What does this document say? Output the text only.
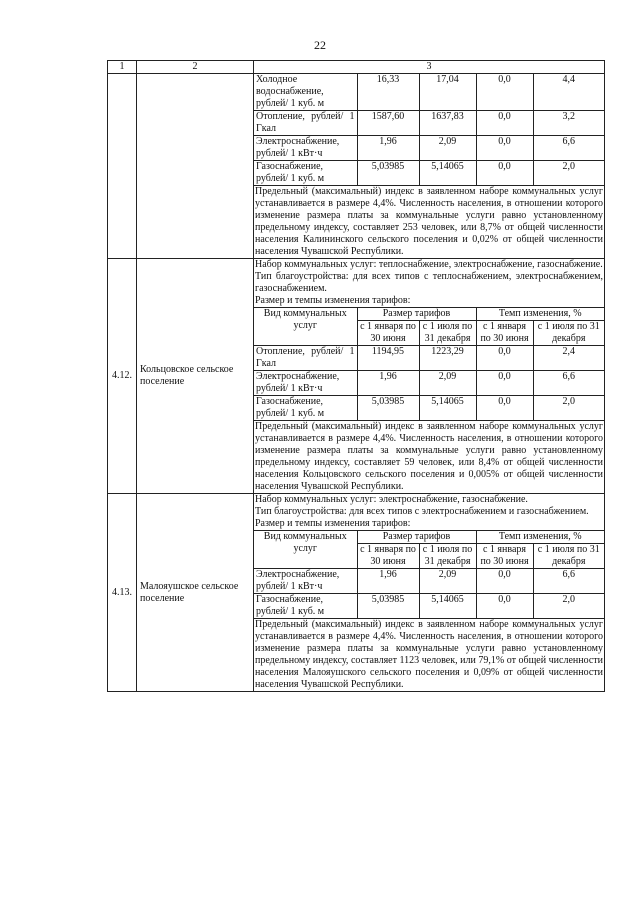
22
1	2	3

Холодное водоснабжение, рублей/ 1 куб. м	16,33	17,04	0,0	4,4
Отопление, рублей/ 1 Гкал	1587,60	1637,83	0,0	3,2
Электроснабжение, рублей/ 1 кВт·ч	1,96	2,09	0,0	6,6
Газоснабжение, рублей/ 1 куб. м	5,03985	5,14065	0,0	2,0
Предельный (максимальный) индекс в заявленном наборе коммунальных услуг устанавливается в размере 4,4%. Численность населения, в отношении которого изменение размера платы за коммунальные услуги равно установленному предельному индексу, составляет 253 человек, или 8,7% от общей численности населения Калининского сельского поселения и 0,02% от общей численности населения Чувашской Республики.

4.12.	Кольцовское сельское поселение	
Набор коммунальных услуг: теплоснабжение, электроснабжение, газоснабжение.
Тип благоустройства: для всех типов с теплоснабжением, электроснабжением, газоснабжением.
Размер и темпы изменения тарифов:
Вид коммунальных услуг	Размер тарифов	Темп изменения, %
с 1 января по 30 июня	с 1 июля по 31 декабря	с 1 января по 30 июня	с 1 июля по 31 декабря
Отопление, рублей/ 1 Гкал	1194,95	1223,29	0,0	2,4
Электроснабжение, рублей/ 1 кВт·ч	1,96	2,09	0,0	6,6
Газоснабжение, рублей/ 1 куб. м	5,03985	5,14065	0,0	2,0
Предельный (максимальный) индекс в заявленном наборе коммунальных услуг устанавливается в размере 4,4%. Численность населения, в отношении которого изменение размера платы за коммунальные услуги равно установленному предельному индексу, составляет 59 человек, или 8,4% от общей численности населения Кольцовского сельского поселения и 0,005% от общей численности населения Чувашской Республики.

4.13.	Малояушское сельское поселение	
Набор коммунальных услуг: электроснабжение, газоснабжение.
Тип благоустройства: для всех типов с электроснабжением и газоснабжением.
Размер и темпы изменения тарифов:
Вид коммунальных услуг	Размер тарифов	Темп изменения, %
с 1 января по 30 июня	с 1 июля по 31 декабря	с 1 января по 30 июня	с 1 июля по 31 декабря
Электроснабжение, рублей/ 1 кВт·ч	1,96	2,09	0,0	6,6
Газоснабжение, рублей/ 1 куб. м	5,03985	5,14065	0,0	2,0
Предельный (максимальный) индекс в заявленном наборе коммунальных услуг устанавливается в размере 4,4%. Численность населения, в отношении которого изменение размера платы за коммунальные услуги равно установленному предельному индексу, составляет 1123 человек, или 79,1% от общей численности населения Малояушского сельского поселения и 0,09% от общей численности населения Чувашской Республики.
